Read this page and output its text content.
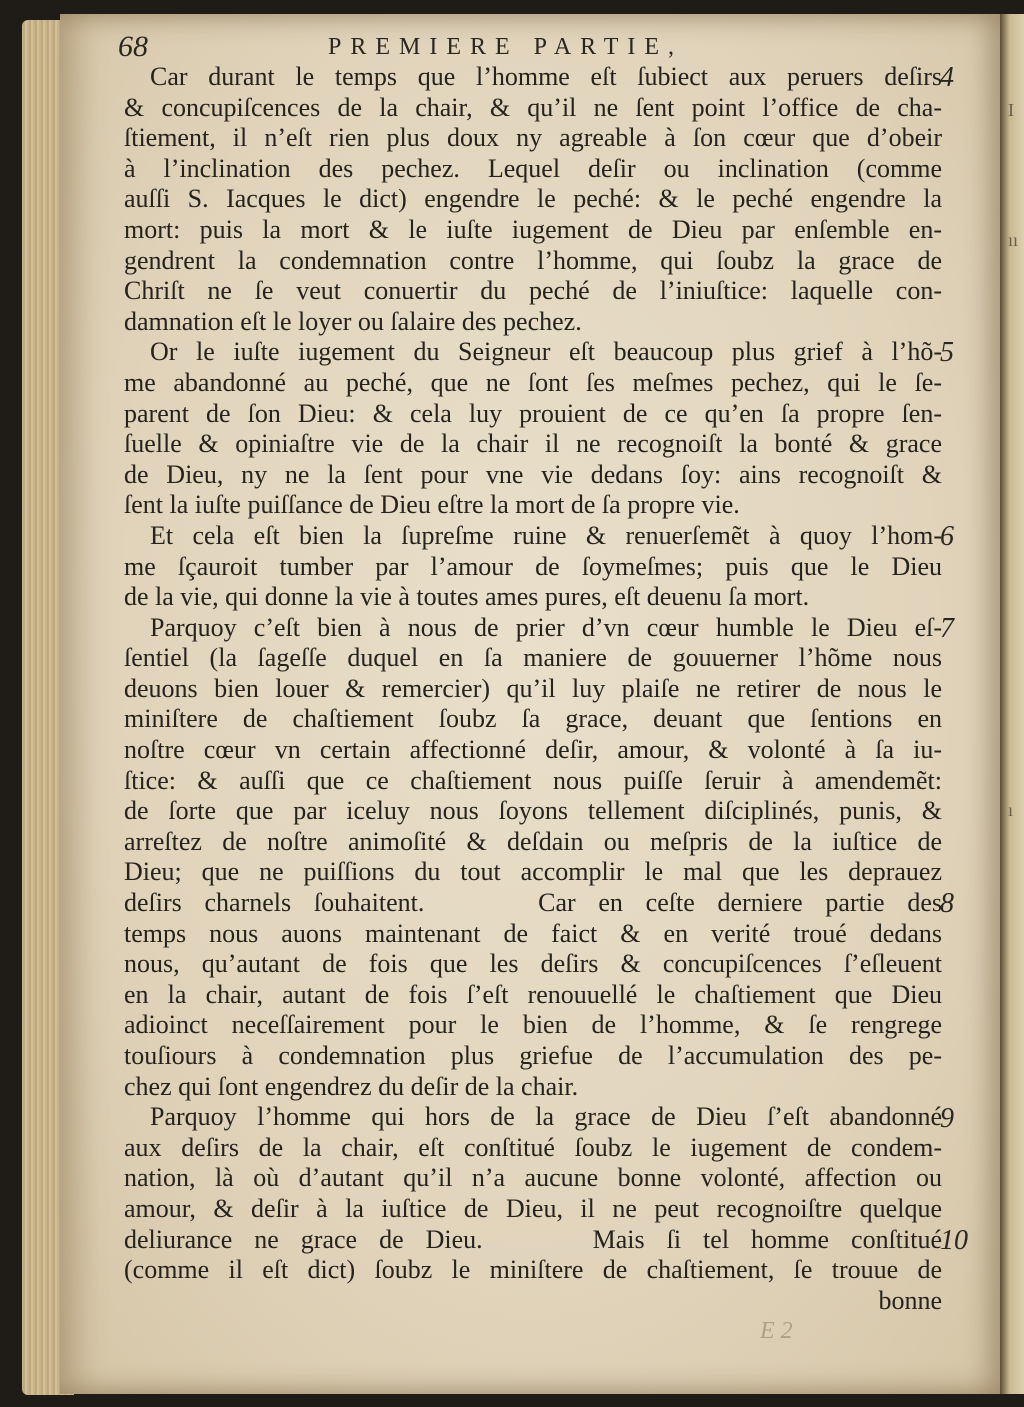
I
ıı
ı
68	PREMIERE PARTIE,
Car durant le temps que l’homme eſt ſubiect aux peruers deſirs
& concupiſcences de la chair, & qu’il ne ſent point l’office de cha-
ſtiement, il n’eſt rien plus doux ny agreable à ſon cœur que d’obeir
à l’inclination des pechez. Lequel deſir ou inclination (comme
auſſi S. Iacques le dict) engendre le peché: & le peché engendre la
mort: puis la mort & le iuſte iugement de Dieu par enſemble en-
gendrent la condemnation contre l’homme, qui ſoubz la grace de
Chriſt ne ſe veut conuertir du peché de l’iniuſtice: laquelle con-
damnation eſt le loyer ou ſalaire des pechez.
Or le iuſte iugement du Seigneur eſt beaucoup plus grief à l’hõ-
me abandonné au peché, que ne ſont ſes meſmes pechez, qui le ſe-
parent de ſon Dieu: & cela luy prouient de ce qu’en ſa propre ſen-
ſuelle & opiniaſtre vie de la chair il ne recognoiſt la bonté & grace
de Dieu, ny ne la ſent pour vne vie dedans ſoy: ains recognoiſt &
ſent la iuſte puiſſance de Dieu eſtre la mort de ſa propre vie.
Et cela eſt bien la ſupreſme ruine & renuerſemẽt à quoy l’hom-
me ſçauroit tumber par l’amour de ſoymeſmes; puis que le Dieu
de la vie, qui donne la vie à toutes ames pures, eſt deuenu ſa mort.
Parquoy c’eſt bien à nous de prier d’vn cœur humble le Dieu eſ-
ſentiel (la ſageſſe duquel en ſa maniere de gouuerner l’hõme nous
deuons bien louer & remercier) qu’il luy plaiſe ne retirer de nous le
miniſtere de chaſtiement ſoubz ſa grace, deuant que ſentions en
noſtre cœur vn certain affectionné deſir, amour, & volonté à ſa iu-
ſtice: & auſſi que ce chaſtiement nous puiſſe ſeruir à amendemẽt:
de ſorte que par iceluy nous ſoyons tellement diſciplinés, punis, &
arreſtez de noſtre animoſité & deſdain ou meſpris de la iuſtice de
Dieu; que ne puiſſions du tout accomplir le mal que les deprauez
deſirs charnels ſouhaitent.     Car en ceſte derniere partie des
temps nous auons maintenant de faict & en verité troué dedans
nous, qu’autant de fois que les deſirs & concupiſcences ſ’eſleuent
en la chair, autant de fois ſ’eſt renouuellé le chaſtiement que Dieu
adioinct neceſſairement pour le bien de l’homme, & ſe rengrege
touſiours à condemnation plus griefue de l’accumulation des pe-
chez qui ſont engendrez du deſir de la chair.
Parquoy l’homme qui hors de la grace de Dieu ſ’eſt abandonné
aux deſirs de la chair, eſt conſtitué ſoubz le iugement de condem-
nation, là où d’autant qu’il n’a aucune bonne volonté, affection ou
amour, & deſir à la iuſtice de Dieu, il ne peut recognoiſtre quelque
deliurance ne grace de Dieu.     Mais ſi tel homme conſtitué
(comme il eſt dict) ſoubz le miniſtere de chaſtiement, ſe trouue de
bonne
4
5
6
7
8
9
10
E 2
